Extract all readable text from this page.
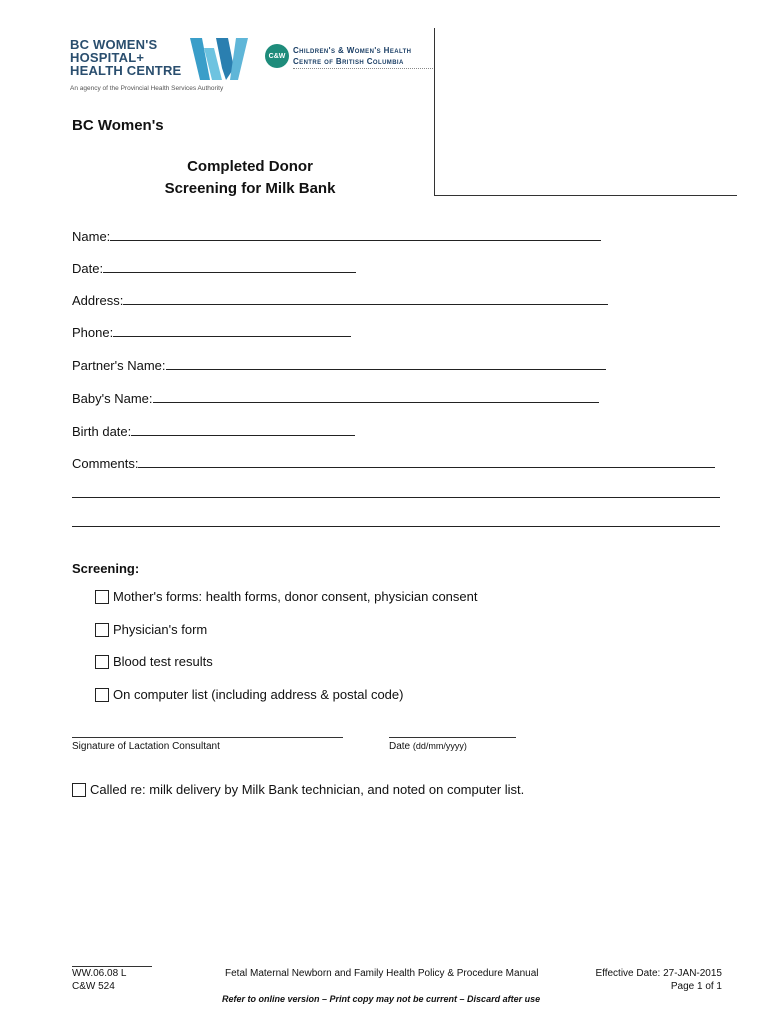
BC WOMEN'S
HOSPITAL+
HEALTH CENTRE
An agency of the Provincial Health Services Authority
C&W
Children's & Women's Health
Centre of British Columbia
BC Women's
Completed Donor
Screening for Milk Bank
Name:
Date:
Address:
Phone:
Partner's Name:
Baby's Name:
Birth date:
Comments:
Screening:
Mother's forms: health forms, donor consent, physician consent
Physician's form
Blood test results
On computer list (including address & postal code)
Signature of Lactation Consultant	Date (dd/mm/yyyy)
Called re: milk delivery by Milk Bank technician, and noted on computer list.
WW.06.08 L
C&W 524
Fetal Maternal Newborn and Family Health Policy & Procedure Manual	Effective Date: 27-JAN-2015
Page 1 of 1
Refer to online version – Print copy may not be current – Discard after use
